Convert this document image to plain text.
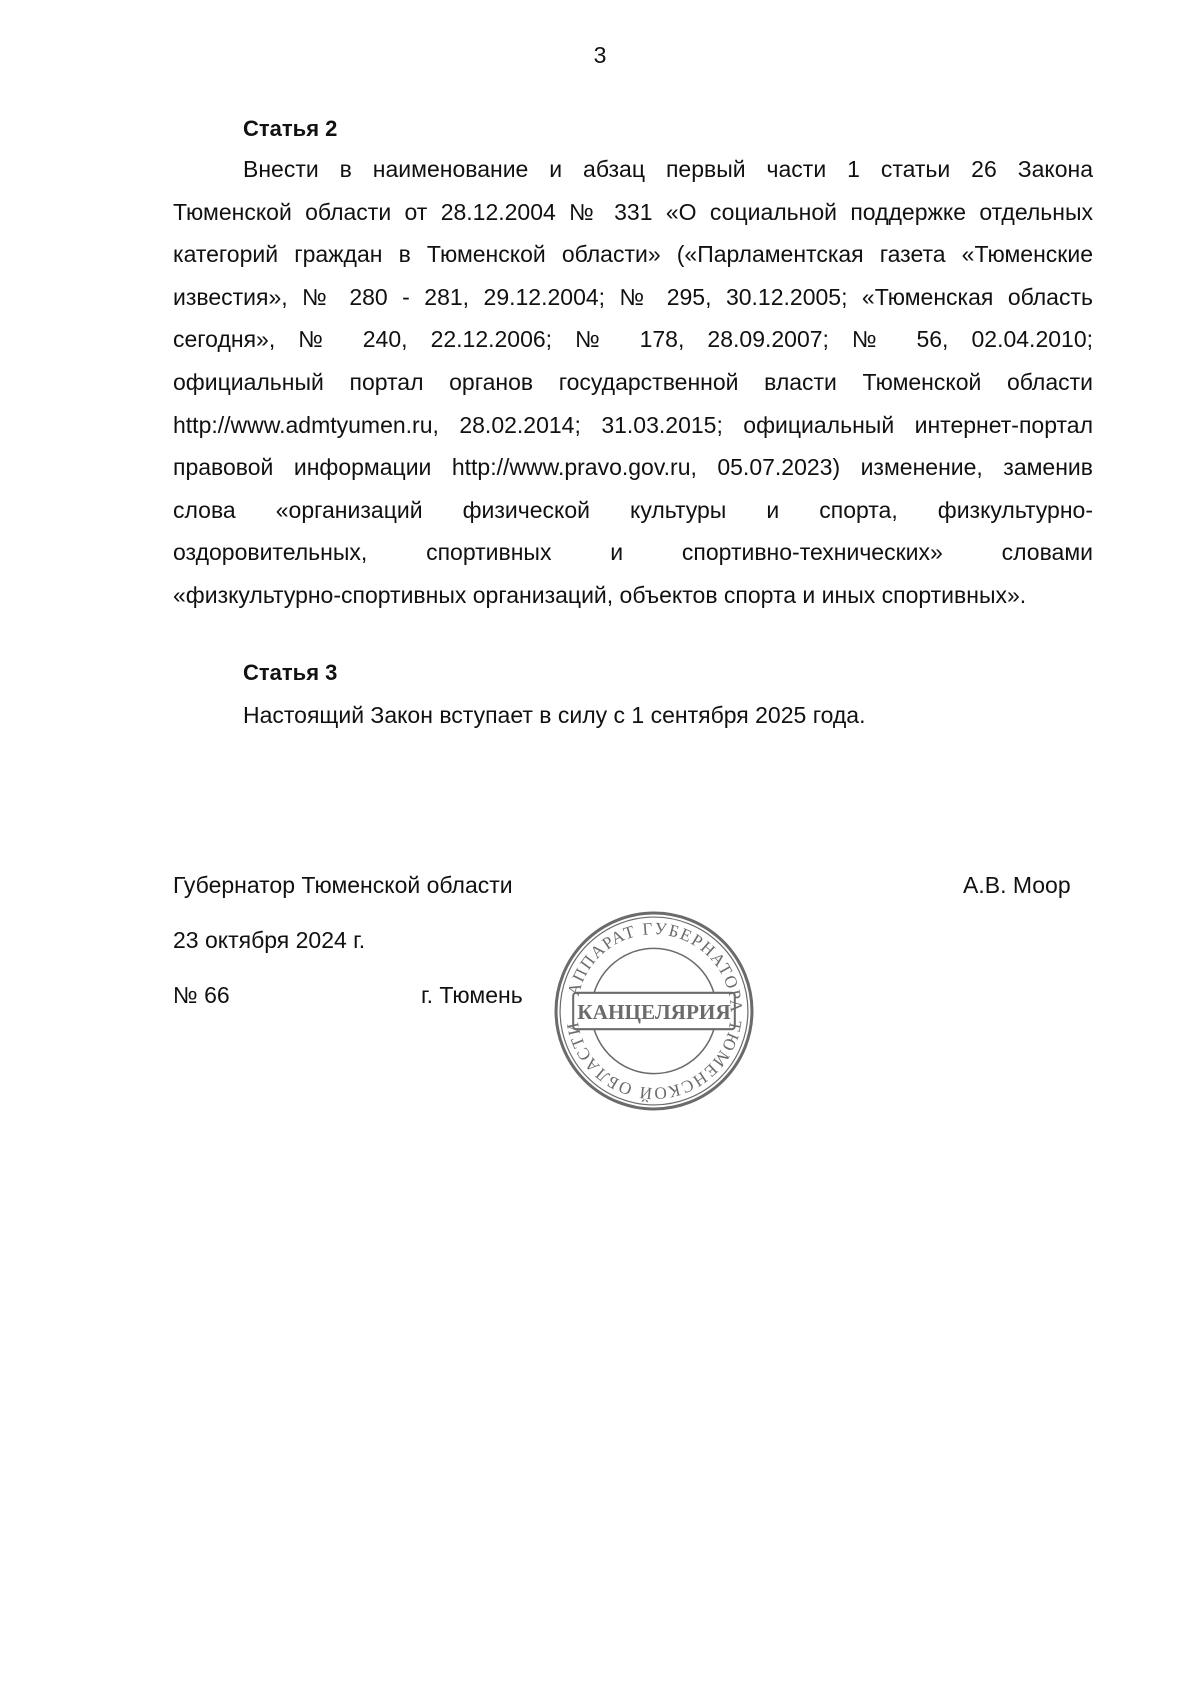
3
Статья 2
Внести в наименование и абзац первый части 1 статьи 26 Закона
Тюменской области от 28.12.2004 № 331 «О социальной поддержке отдельных
категорий граждан в Тюменской области» («Парламентская газета «Тюменские
известия», № 280 - 281, 29.12.2004; № 295, 30.12.2005; «Тюменская область
сегодня», № 240, 22.12.2006; № 178, 28.09.2007; № 56, 02.04.2010;
официальный портал органов государственной власти Тюменской области
http://www.admtyumen.ru, 28.02.2014; 31.03.2015; официальный интернет-портал
правовой информации http://www.pravo.gov.ru, 05.07.2023) изменение, заменив
слова «организаций физической культуры и спорта, физкультурно-
оздоровительных, спортивных и спортивно-технических» словами
«физкультурно-спортивных организаций, объектов спорта и иных спортивных».
Статья 3
Настоящий Закон вступает в силу с 1 сентября 2025 года.
Губернатор Тюменской области	А.В. Моор
23 октября 2024 г.
№ 66	г. Тюмень АППАРАТ ГУБЕРНАТОРА ТЮМЕНСКОЙ ОБЛАСТИ
КАНЦЕЛЯРИЯ
